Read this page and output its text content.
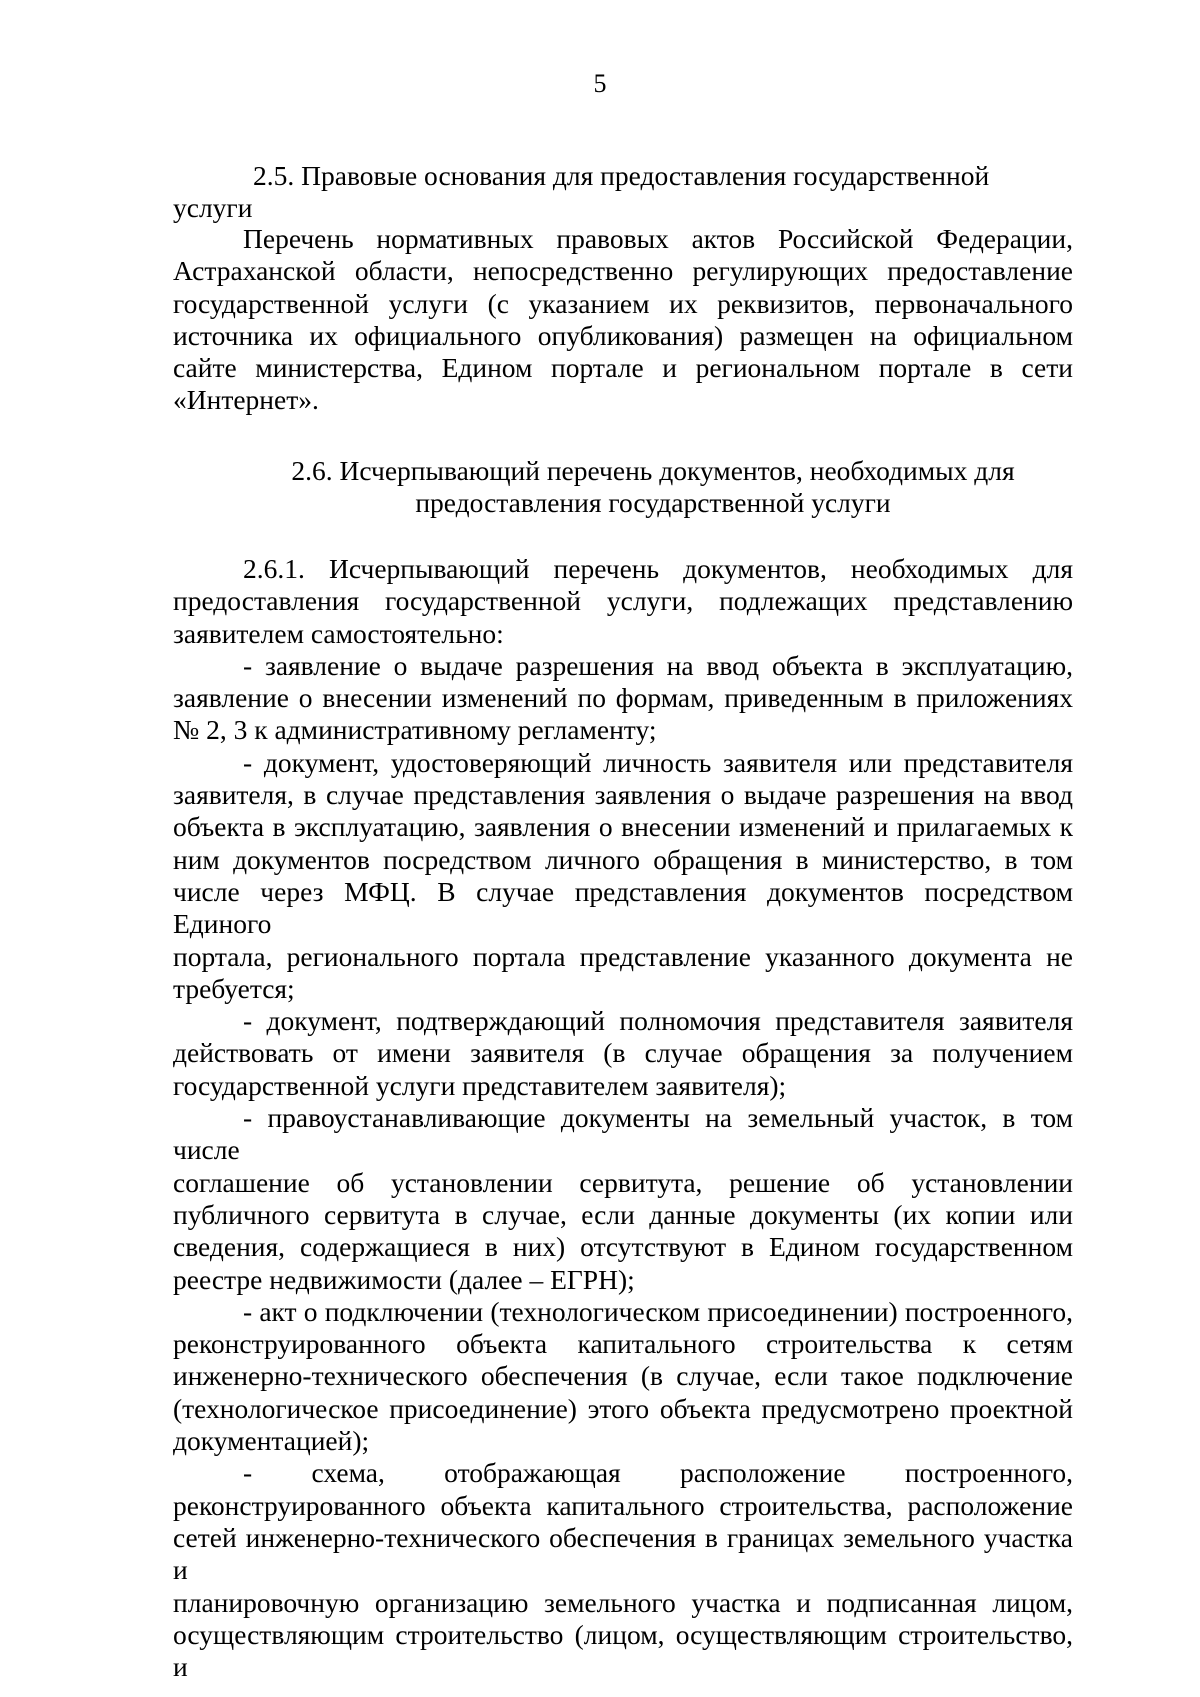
5

2.5. Правовые основания для предоставления государственной услуги

Перечень нормативных правовых актов Российской Федерации,
Астраханской области, непосредственно регулирующих предоставление
государственной услуги (с указанием их реквизитов, первоначального
источника их официального опубликования) размещен на официальном
сайте министерства, Едином портале и региональном портале в сети
«Интернет».
2.6. Исчерпывающий перечень документов, необходимых для
предоставления государственной услуги
2.6.1. Исчерпывающий перечень документов, необходимых для
предоставления государственной услуги, подлежащих представлению
заявителем самостоятельно:
- заявление о выдаче разрешения на ввод объекта в эксплуатацию,
заявление о внесении изменений по формам, приведенным в приложениях
№ 2, 3 к административному регламенту;
- документ, удостоверяющий личность заявителя или представителя
заявителя, в случае представления заявления о выдаче разрешения на ввод
объекта в эксплуатацию, заявления о внесении изменений и прилагаемых к
ним документов посредством личного обращения в министерство, в том
числе через МФЦ. В случае представления документов посредством Единого
портала, регионального портала представление указанного документа не
требуется;
- документ, подтверждающий полномочия представителя заявителя
действовать от имени заявителя (в случае обращения за получением
государственной услуги представителем заявителя);
- правоустанавливающие документы на земельный участок, в том числе
соглашение об установлении сервитута, решение об установлении
публичного сервитута в случае, если данные документы (их копии или
сведения, содержащиеся в них) отсутствуют в Едином государственном
реестре недвижимости (далее – ЕГРН);
- акт о подключении (технологическом присоединении) построенного,
реконструированного объекта капитального строительства к сетям
инженерно-технического обеспечения (в случае, если такое подключение
(технологическое присоединение) этого объекта предусмотрено проектной
документацией);
- схема, отображающая расположение построенного,
реконструированного объекта капитального строительства, расположение
сетей инженерно-технического обеспечения в границах земельного участка и
планировочную организацию земельного участка и подписанная лицом,
осуществляющим строительство (лицом, осуществляющим строительство, и
